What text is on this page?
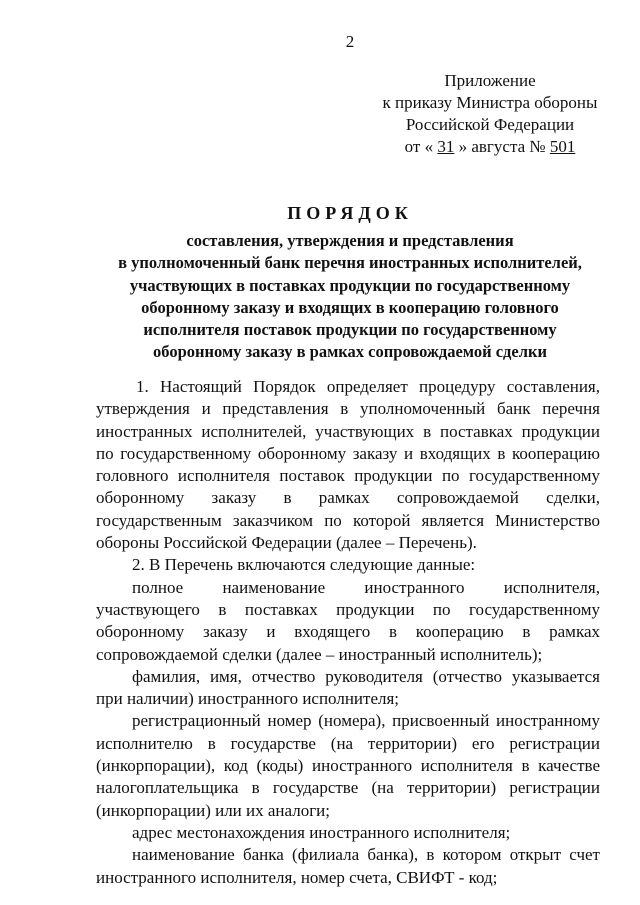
2
Приложение
к приказу Министра обороны
Российской Федерации
от « 31 » августа № 501
ПОРЯДОК
составления, утверждения и представления
в уполномоченный банк перечня иностранных исполнителей,
участвующих в поставках продукции по государственному
оборонному заказу и входящих в кооперацию головного
исполнителя поставок продукции по государственному
оборонному заказу в рамках сопровождаемой сделки
1. Настоящий Порядок определяет процедуру составления,
утверждения и представления в уполномоченный банк перечня
иностранных исполнителей, участвующих в поставках продукции
по государственному оборонному заказу и входящих в кооперацию
головного исполнителя поставок продукции по государственному
оборонному заказу в рамках сопровождаемой сделки,
государственным заказчиком по которой является Министерство
обороны Российской Федерации (далее – Перечень).
2. В Перечень включаются следующие данные:
полное наименование иностранного исполнителя,
участвующего в поставках продукции по государственному
оборонному заказу и входящего в кооперацию в рамках
сопровождаемой сделки (далее – иностранный исполнитель);
фамилия, имя, отчество руководителя (отчество указывается
при наличии) иностранного исполнителя;
регистрационный номер (номера), присвоенный иностранному
исполнителю в государстве (на территории) его регистрации
(инкорпорации), код (коды) иностранного исполнителя в качестве
налогоплательщика в государстве (на территории) регистрации
(инкорпорации) или их аналоги;
адрес местонахождения иностранного исполнителя;
наименование банка (филиала банка), в котором открыт счет
иностранного исполнителя, номер счета, СВИФТ - код;
